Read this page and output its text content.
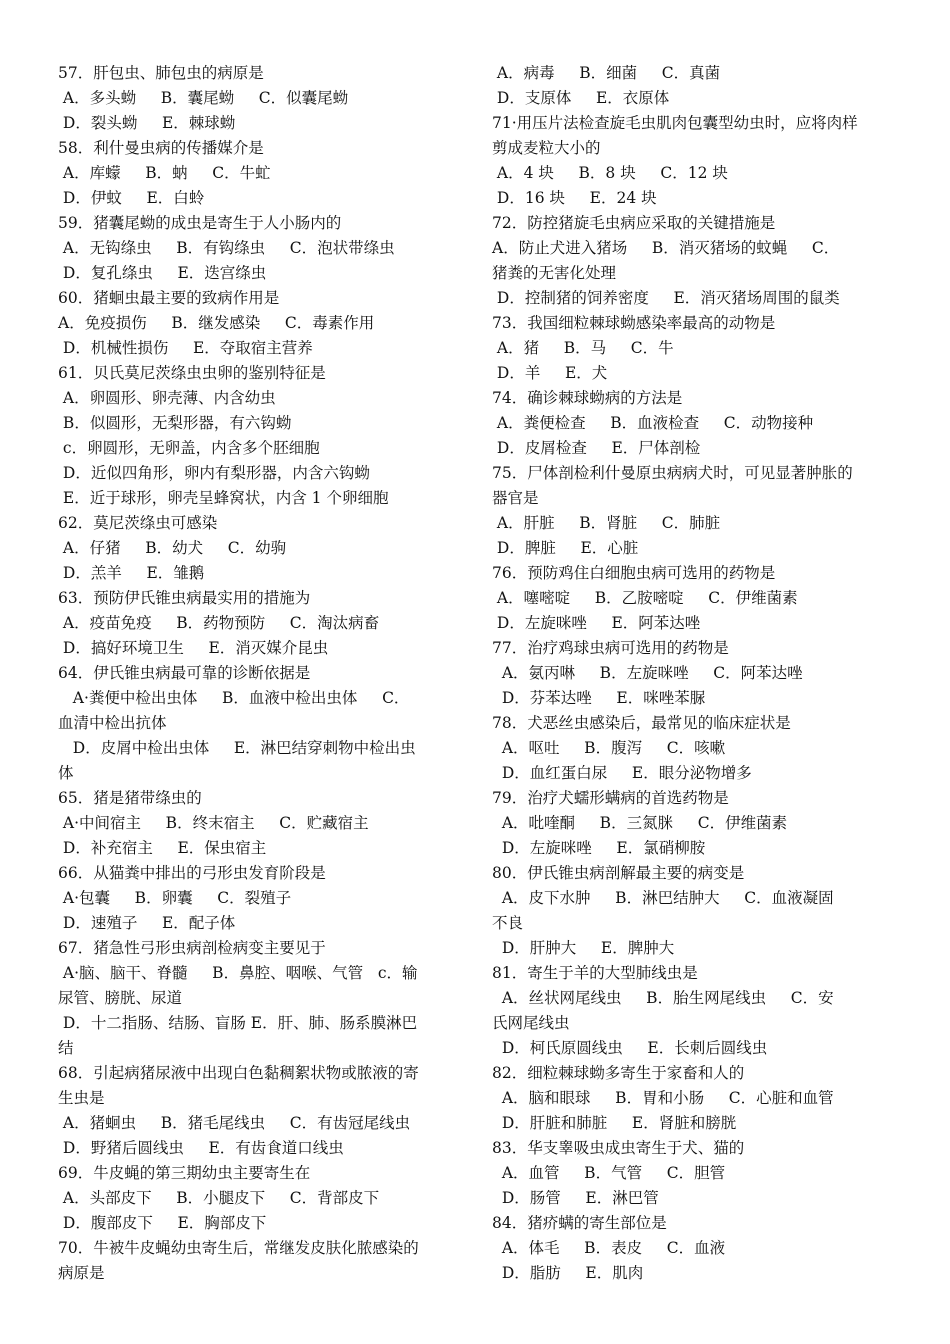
57．肝包虫、肺包虫的病原是
A．多头蚴     B．囊尾蚴     C．似囊尾蚴
D．裂头蚴     E．棘球蚴
58．利什曼虫病的传播媒介是
A．库蠓     B．蚋     C．牛虻
D．伊蚊     E．白蛉
59．猪囊尾蚴的成虫是寄生于人小肠内的
A．无钩绦虫     B．有钩绦虫     C．泡状带绦虫
D．复孔绦虫     E．迭宫绦虫
60．猪蛔虫最主要的致病作用是
A．免疫损伤     B．继发感染     C．毒素作用
D．机械性损伤     E．夺取宿主营养
61．贝氏莫尼茨绦虫虫卵的鉴别特征是
A．卵圆形、卵壳薄、内含幼虫
B．似圆形，无梨形器，有六钩蚴
c．卵圆形，无卵盖，内含多个胚细胞
D．近似四角形，卵内有梨形器，内含六钩蚴
E．近于球形，卵壳呈蜂窝状，内含 1 个卵细胞
62．莫尼茨绦虫可感染
A．仔猪     B．幼犬     C．幼驹
D．羔羊     E．雏鹅
63．预防伊氏锥虫病最实用的措施为
A．疫苗免疫     B．药物预防     C．淘汰病畜
D．搞好环境卫生     E．消灭媒介昆虫
64．伊氏锥虫病最可靠的诊断依据是
A·粪便中检出虫体     B．血液中检出虫体     C．
血清中检出抗体
D．皮屑中检出虫体     E．淋巴结穿刺物中检出虫
体
65．猪是猪带绦虫的
A·中间宿主     B．终末宿主     C．贮藏宿主
D．补充宿主     E．保虫宿主
66．从猫粪中排出的弓形虫发育阶段是
A·包囊     B．卵囊     C．裂殖子
D．速殖子     E．配子体
67．猪急性弓形虫病剖检病变主要见于
A·脑、脑干、脊髓     B．鼻腔、咽喉、气管   c．输
尿管、膀胱、尿道
D．十二指肠、结肠、盲肠 E．肝、肺、肠系膜淋巴
结
68．引起病猪尿液中出现白色黏稠絮状物或脓液的寄
生虫是
A．猪蛔虫     B．猪毛尾线虫     C．有齿冠尾线虫
D．野猪后圆线虫     E．有齿食道口线虫
69．牛皮蝇的第三期幼虫主要寄生在
A．头部皮下     B．小腿皮下     C．背部皮下
D．腹部皮下     E．胸部皮下
70．牛被牛皮蝇幼虫寄生后，常继发皮肤化脓感染的
病原是
A．病毒     B．细菌     C．真菌
D．支原体     E．衣原体
71·用压片法检查旋毛虫肌肉包囊型幼虫时，应将肉样
剪成麦粒大小的
A．4 块     B．8 块     C．12 块
D．16 块     E．24 块
72．防控猪旋毛虫病应采取的关键措施是
A．防止犬进入猪场     B．消灭猪场的蚊蝇     C．
猪粪的无害化处理
D．控制猪的饲养密度     E．消灭猪场周围的鼠类
73．我国细粒棘球蚴感染率最高的动物是
A．猪     B．马     C．牛
D．羊     E．犬
74．确诊棘球蚴病的方法是
A．粪便检查     B．血液检查     C．动物接种
D．皮屑检查     E．尸体剖检
75．尸体剖检利什曼原虫病病犬时，可见显著肿胀的
器官是
A．肝脏     B．肾脏     C．肺脏
D．脾脏     E．心脏
76．预防鸡住白细胞虫病可选用的药物是
A．噻嘧啶     B．乙胺嘧啶     C．伊维菌素
D．左旋咪唑     E．阿苯达唑
77．治疗鸡球虫病可选用的药物是
A．氨丙啉     B．左旋咪唑     C．阿苯达唑
D．芬苯达唑     E．咪唑苯脲
78．犬恶丝虫感染后，最常见的临床症状是
A．呕吐     B．腹泻     C．咳嗽
D．血红蛋白尿     E．眼分泌物增多
79．治疗犬蠕形螨病的首选药物是
A．吡喹酮     B．三氮脒     C．伊维菌素
D．左旋咪唑     E．氯硝柳胺
80．伊氏锥虫病剖解最主要的病变是
A．皮下水肿     B．淋巴结肿大     C．血液凝固
不良
D．肝肿大     E．脾肿大
81．寄生于羊的大型肺线虫是
A．丝状网尾线虫     B．胎生网尾线虫     C．安
氏网尾线虫
D．柯氏原圆线虫     E．长刺后圆线虫
82．细粒棘球蚴多寄生于家畜和人的
A．脑和眼球     B．胃和小肠     C．心脏和血管
D．肝脏和肺脏     E．肾脏和膀胱
83．华支睾吸虫成虫寄生于犬、猫的
A．血管     B．气管     C．胆管
D．肠管     E．淋巴管
84．猪疥螨的寄生部位是
A．体毛     B．表皮     C．血液
D．脂肪     E．肌肉
